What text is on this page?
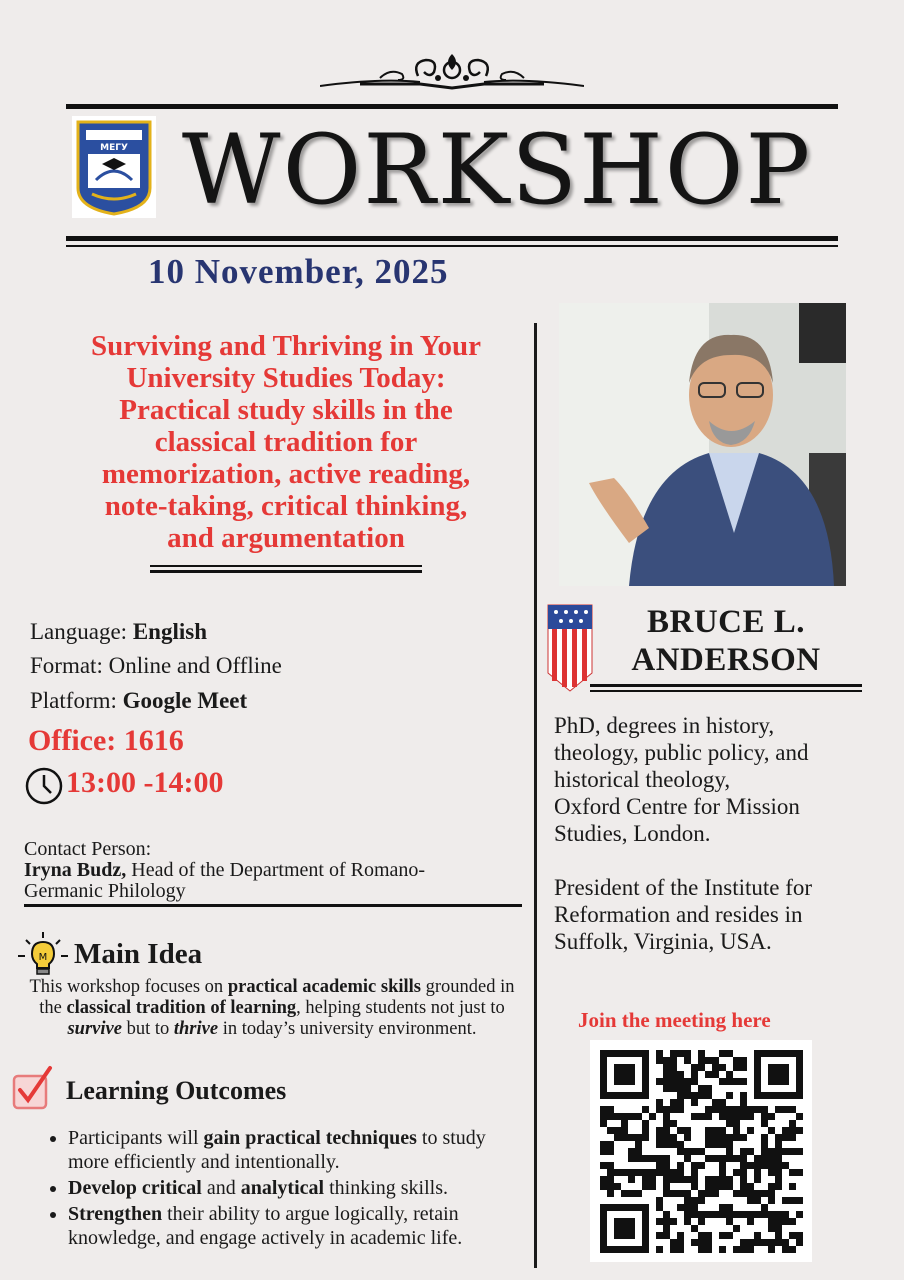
МЕГУ WORKSHOP
10 November, 2025
Surviving and Thriving in Your
University Studies Today:
Practical study skills in the
classical tradition for
memorization, active reading,
note-taking, critical thinking,
and argumentation
Language: English
Format: Online and Offline
Platform: Google Meet
Office: 1616
13:00 -14:00
Contact Person:
Iryna Budz, Head of the Department of Romano-
Germanic Philology
M Main Idea
This workshop focuses on practical academic skills grounded in the classical tradition of learning, helping students not just to survive but to thrive in today’s university environment.
Learning Outcomes
• Participants will gain practical techniques to study more efficiently and intentionally.
• Develop critical and analytical thinking skills.
• Strengthen their ability to argue logically, retain knowledge, and engage actively in academic life.
BRUCE L.
ANDERSON
PhD, degrees in history,
theology, public policy, and
historical theology,
Oxford Centre for Mission
Studies, London.
President of the Institute for
Reformation and resides in
Suffolk, Virginia, USA.
Join the meeting here
